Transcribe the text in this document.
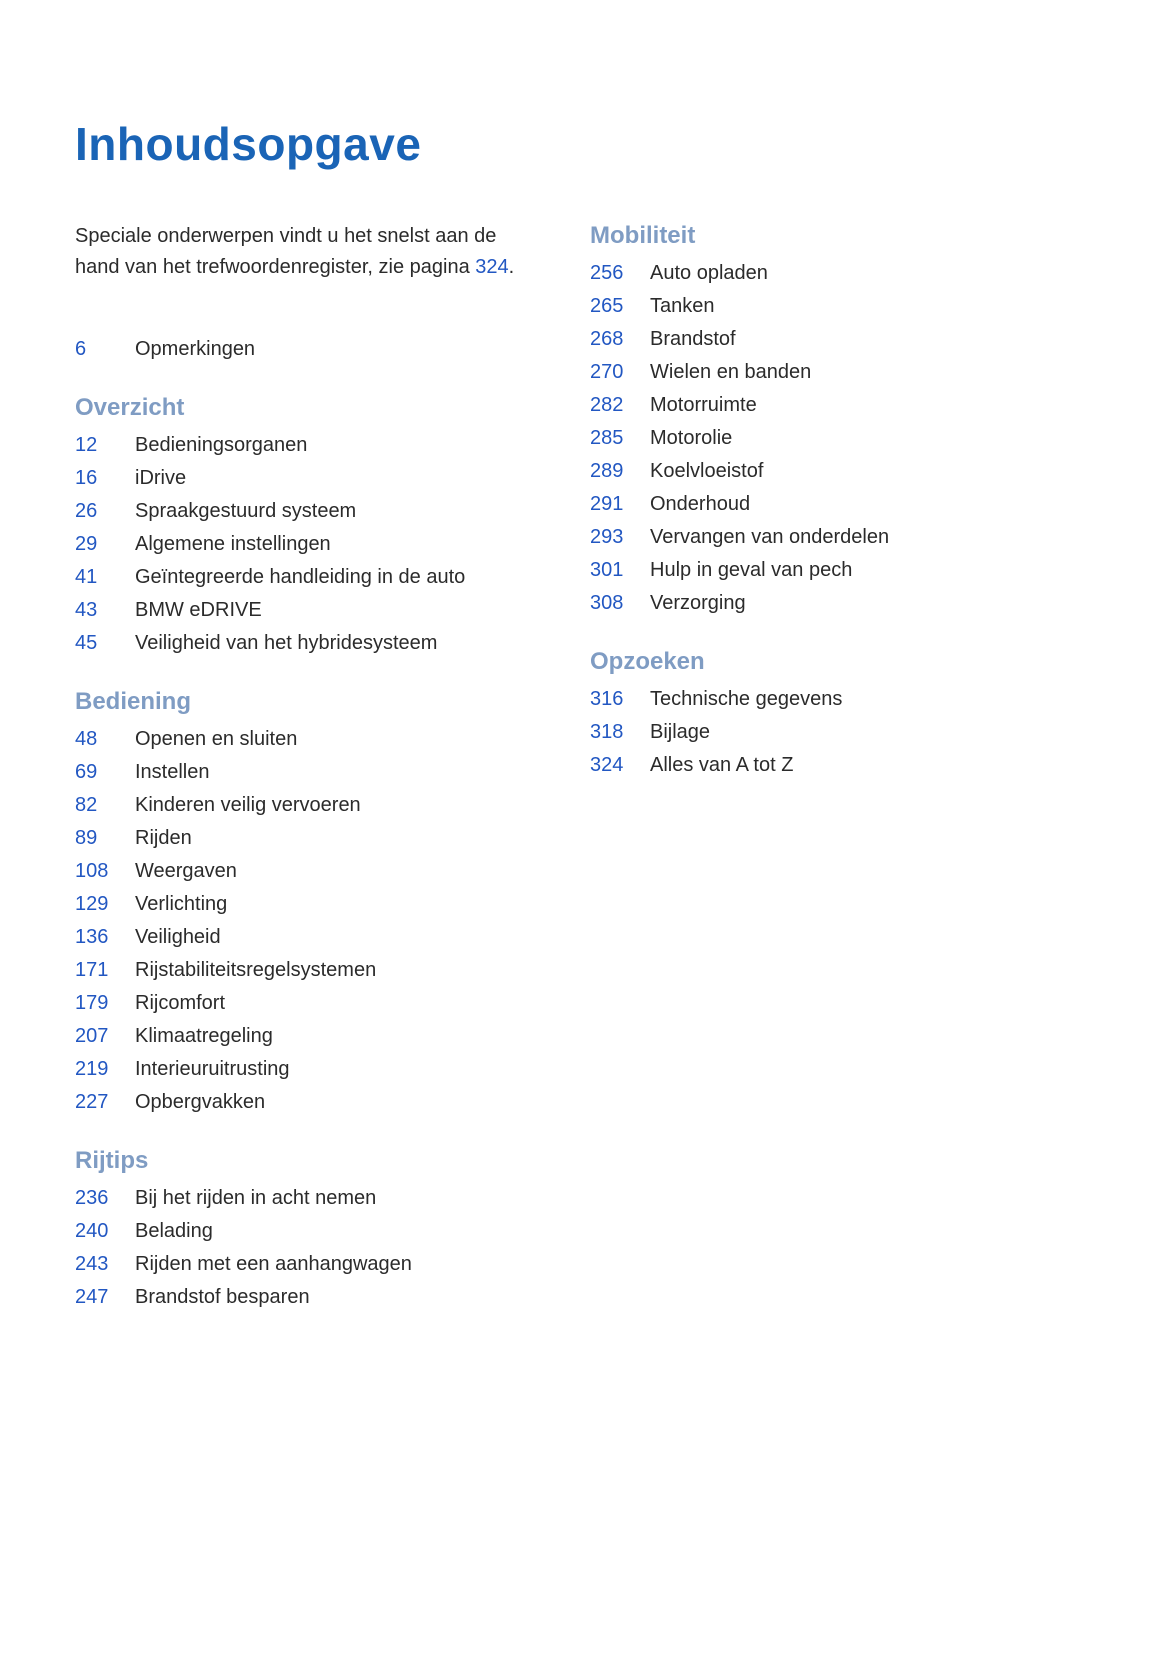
Inhoudsopgave

Speciale onderwerpen vindt u het snelst aan de hand van het trefwoordenregister, zie pagina 324.

6	Opmerkingen
Overzicht
12	Bedieningsorganen
16	iDrive
26	Spraakgestuurd systeem
29	Algemene instellingen
41	Geïntegreerde handleiding in de auto
43	BMW eDRIVE
45	Veiligheid van het hybridesysteem
Bediening
48	Openen en sluiten
69	Instellen
82	Kinderen veilig vervoeren
89	Rijden
108	Weergaven
129	Verlichting
136	Veiligheid
171	Rijstabiliteitsregelsystemen
179	Rijcomfort
207	Klimaatregeling
219	Interieuruitrusting
227	Opbergvakken
Rijtips
236	Bij het rijden in acht nemen
240	Belading
243	Rijden met een aanhangwagen
247	Brandstof besparen
Mobiliteit
256	Auto opladen
265	Tanken
268	Brandstof
270	Wielen en banden
282	Motorruimte
285	Motorolie
289	Koelvloeistof
291	Onderhoud
293	Vervangen van onderdelen
301	Hulp in geval van pech
308	Verzorging
Opzoeken
316	Technische gegevens
318	Bijlage
324	Alles van A tot Z
